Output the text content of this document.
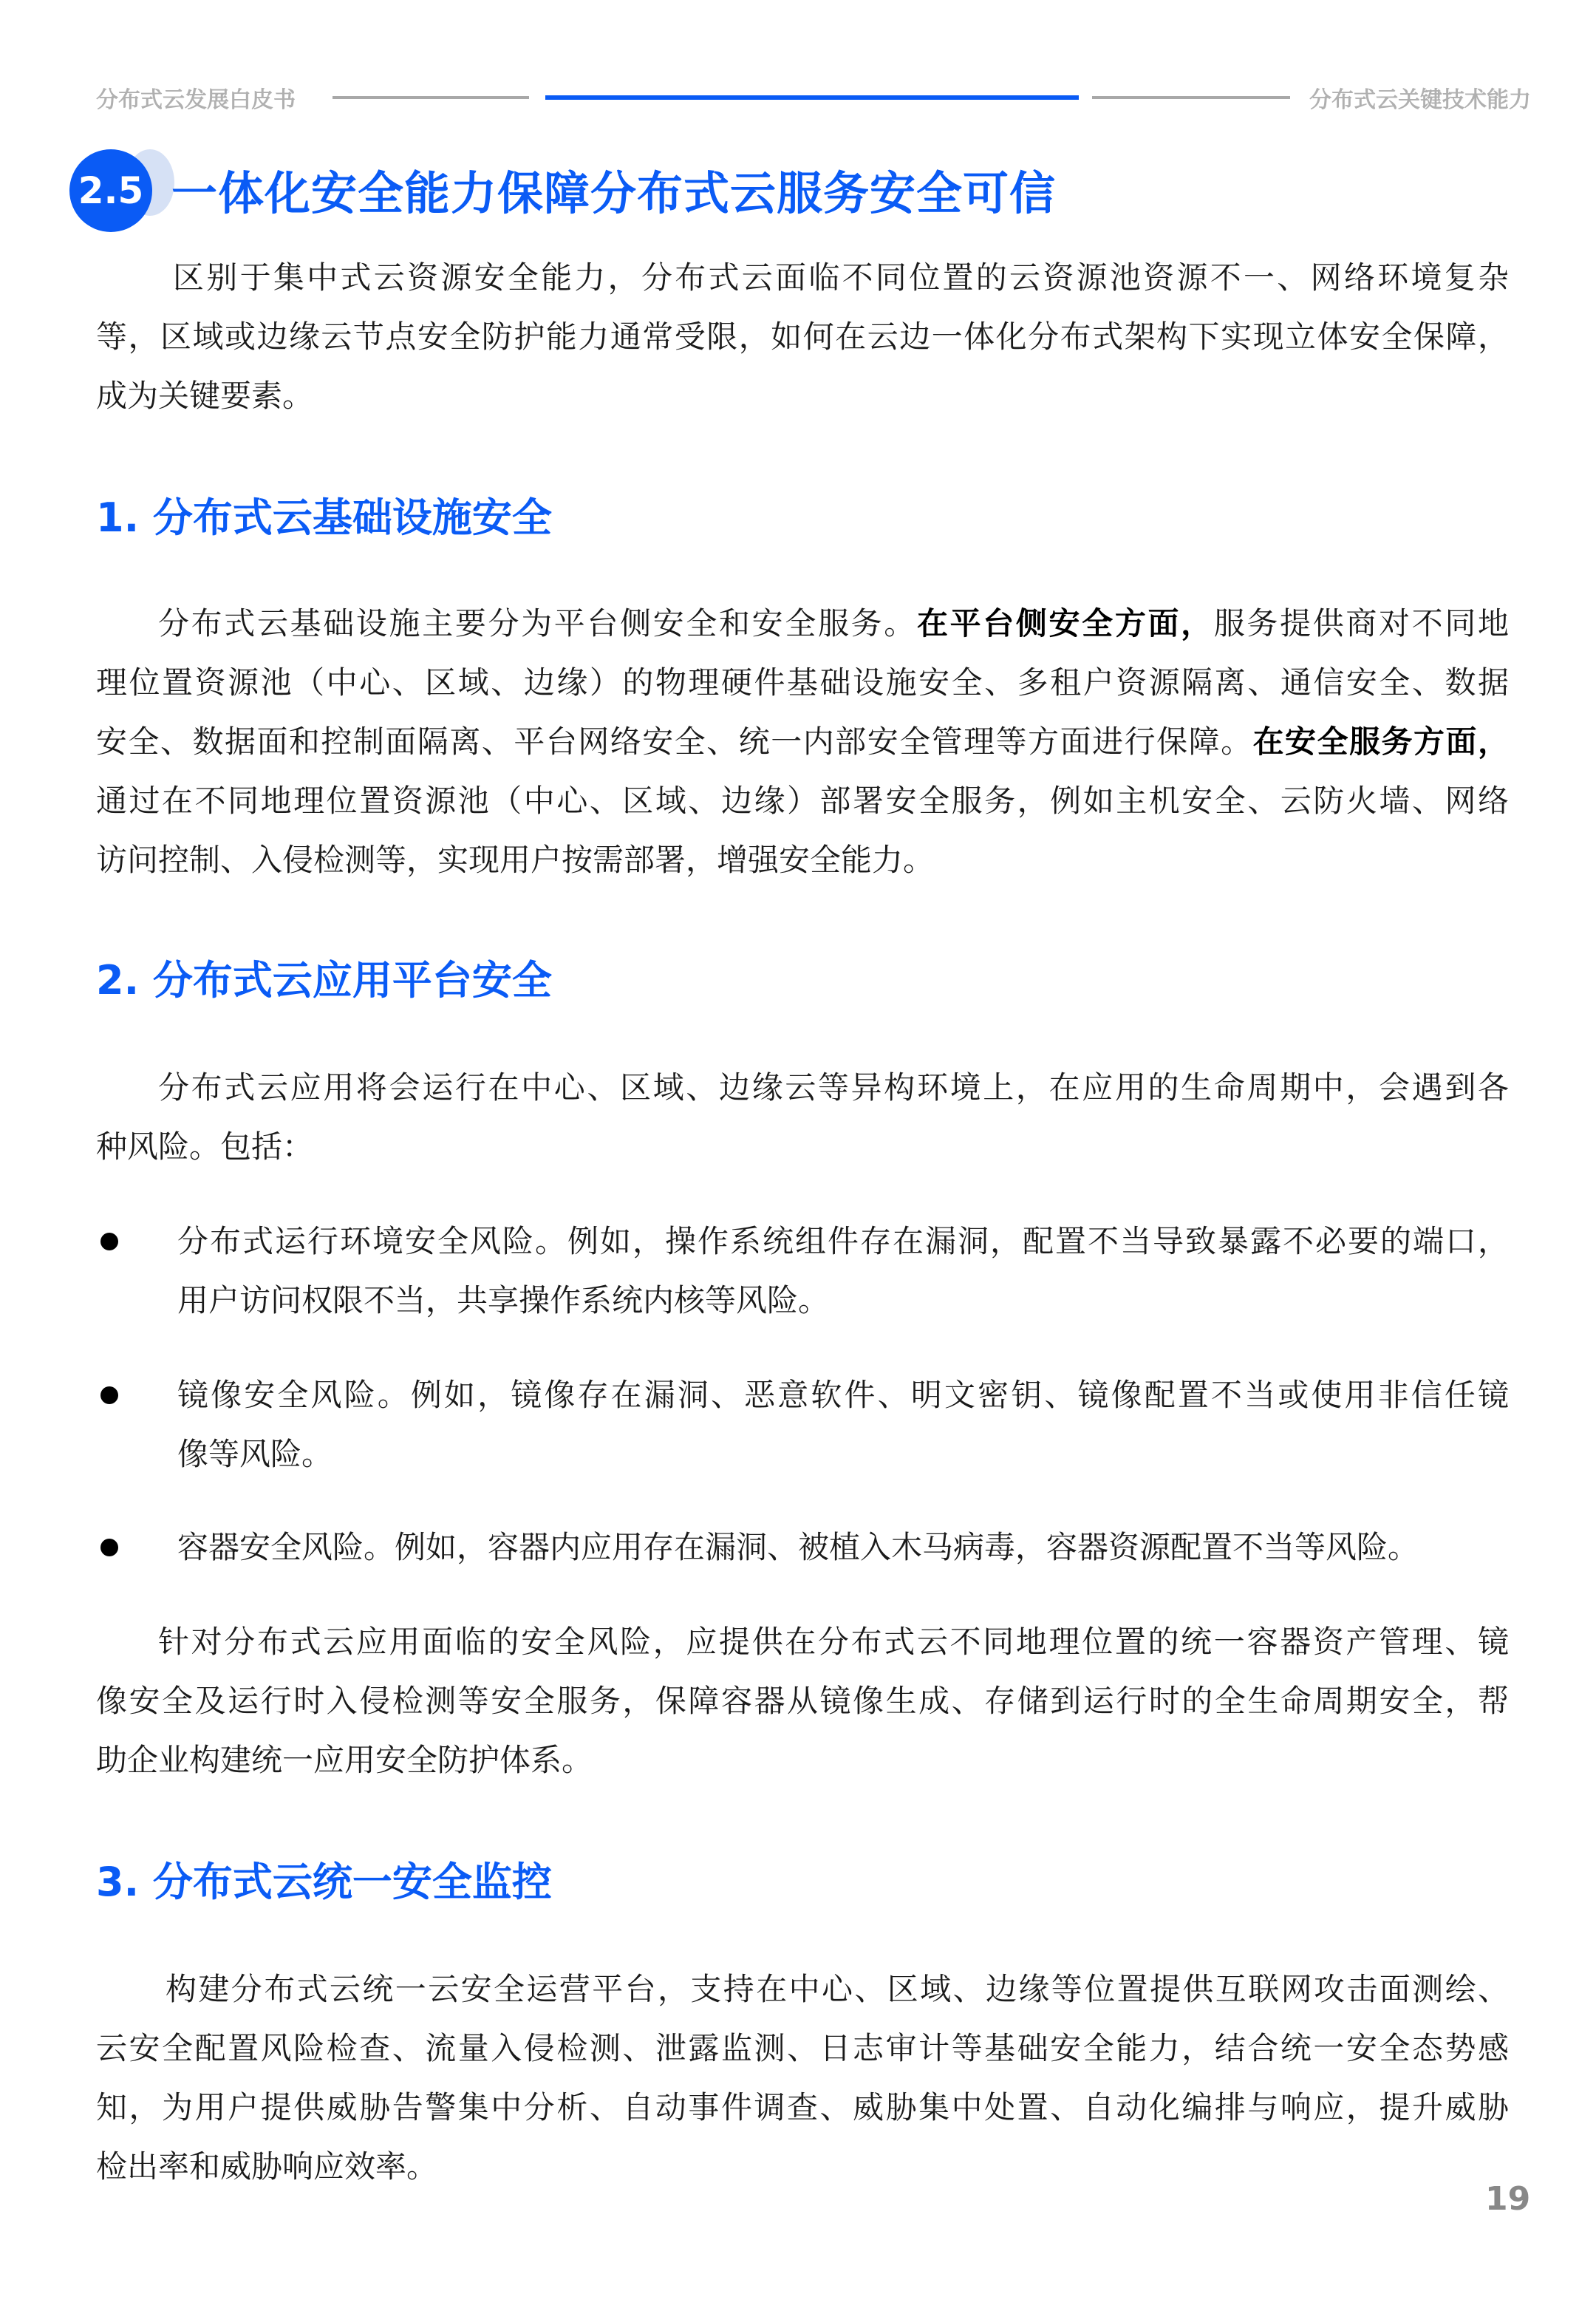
分布式云发展白皮书	分布式云关键技术能力
2.5 一体化安全能力保障分布式云服务安全可信
区别于集中式云资源安全能力，分布式云面临不同位置的云资源池资源不一、网络环境复杂
等，区域或边缘云节点安全防护能力通常受限，如何在云边一体化分布式架构下实现立体安全保障，
成为关键要素。
1. 分布式云基础设施安全
分布式云基础设施主要分为平台侧安全和安全服务。在平台侧安全方面，服务提供商对不同地
理位置资源池（中心、区域、边缘）的物理硬件基础设施安全、多租户资源隔离、通信安全、数据
安全、数据面和控制面隔离、平台网络安全、统一内部安全管理等方面进行保障。在安全服务方面，
通过在不同地理位置资源池（中心、区域、边缘）部署安全服务，例如主机安全、云防火墙、网络
访问控制、入侵检测等，实现用户按需部署，增强安全能力。
2. 分布式云应用平台安全
分布式云应用将会运行在中心、区域、边缘云等异构环境上，在应用的生命周期中，会遇到各
种风险。包括：
分布式运行环境安全风险。例如，操作系统组件存在漏洞，配置不当导致暴露不必要的端口，
用户访问权限不当，共享操作系统内核等风险。
镜像安全风险。例如，镜像存在漏洞、恶意软件、明文密钥、镜像配置不当或使用非信任镜
像等风险。
容器安全风险。例如，容器内应用存在漏洞、被植入木马病毒，容器资源配置不当等风险。
针对分布式云应用面临的安全风险，应提供在分布式云不同地理位置的统一容器资产管理、镜
像安全及运行时入侵检测等安全服务，保障容器从镜像生成、存储到运行时的全生命周期安全，帮
助企业构建统一应用安全防护体系。
3. 分布式云统一安全监控
构建分布式云统一云安全运营平台，支持在中心、区域、边缘等位置提供互联网攻击面测绘、
云安全配置风险检查、流量入侵检测、泄露监测、日志审计等基础安全能力，结合统一安全态势感
知，为用户提供威胁告警集中分析、自动事件调查、威胁集中处置、自动化编排与响应，提升威胁
检出率和威胁响应效率。
19
